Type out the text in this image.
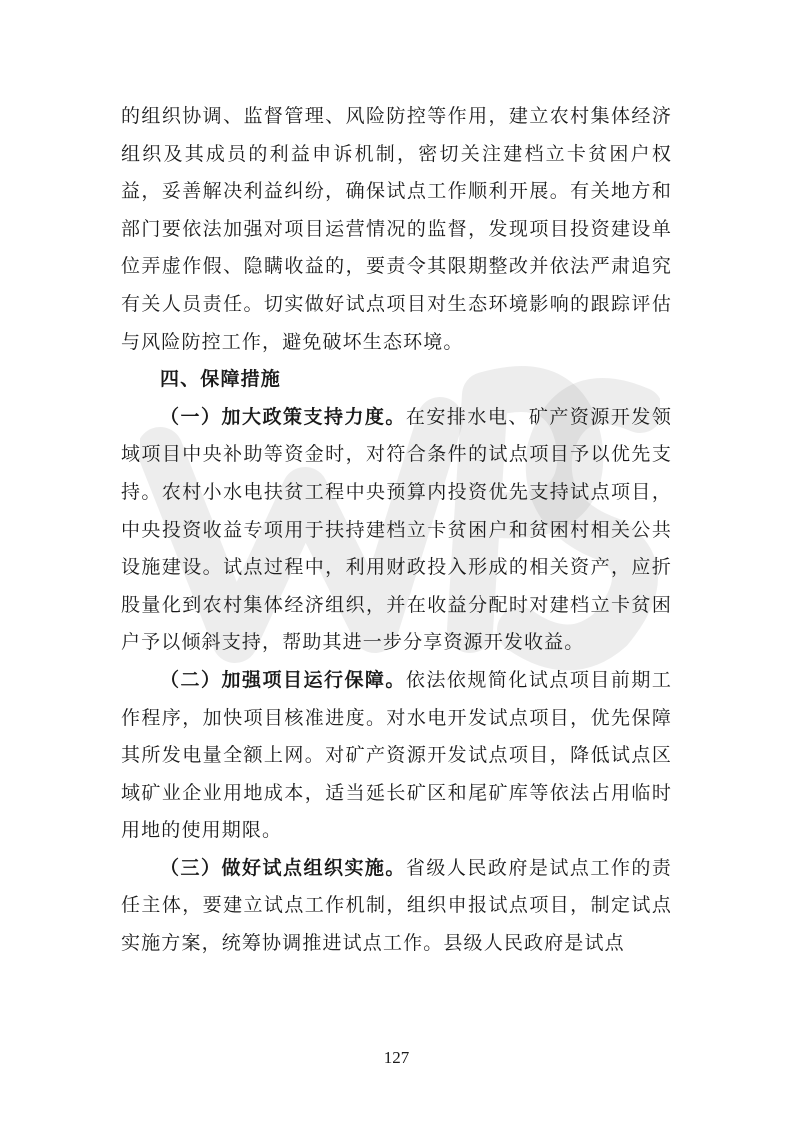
的组织协调、监督管理、风险防控等作用，建立农村集体经济组织及其成员的利益申诉机制，密切关注建档立卡贫困户权益，妥善解决利益纠纷，确保试点工作顺利开展。有关地方和部门要依法加强对项目运营情况的监督，发现项目投资建设单位弄虚作假、隐瞒收益的，要责令其限期整改并依法严肃追究有关人员责任。切实做好试点项目对生态环境影响的跟踪评估与风险防控工作，避免破坏生态环境。

四、保障措施

（一）加大政策支持力度。在安排水电、矿产资源开发领域项目中央补助等资金时，对符合条件的试点项目予以优先支持。农村小水电扶贫工程中央预算内投资优先支持试点项目，中央投资收益专项用于扶持建档立卡贫困户和贫困村相关公共设施建设。试点过程中，利用财政投入形成的相关资产，应折股量化到农村集体经济组织，并在收益分配时对建档立卡贫困户予以倾斜支持，帮助其进一步分享资源开发收益。

（二）加强项目运行保障。依法依规简化试点项目前期工作程序，加快项目核准进度。对水电开发试点项目，优先保障其所发电量全额上网。对矿产资源开发试点项目，降低试点区域矿业企业用地成本，适当延长矿区和尾矿库等依法占用临时用地的使用期限。

（三）做好试点组织实施。省级人民政府是试点工作的责任主体，要建立试点工作机制，组织申报试点项目，制定试点实施方案，统筹协调推进试点工作。县级人民政府是试点

127
